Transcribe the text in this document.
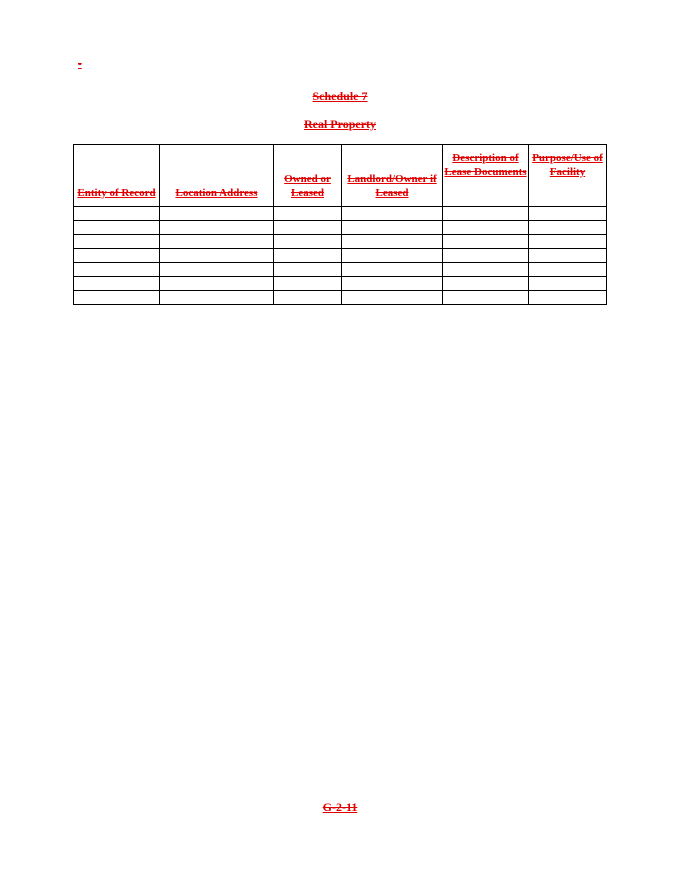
-
Schedule 7
Real Property
Entity of Record	Location Address	Owned or Leased	Landlord/Owner if Leased	Description of Lease Documents	Purpose/Use of Facility

G-2-11
